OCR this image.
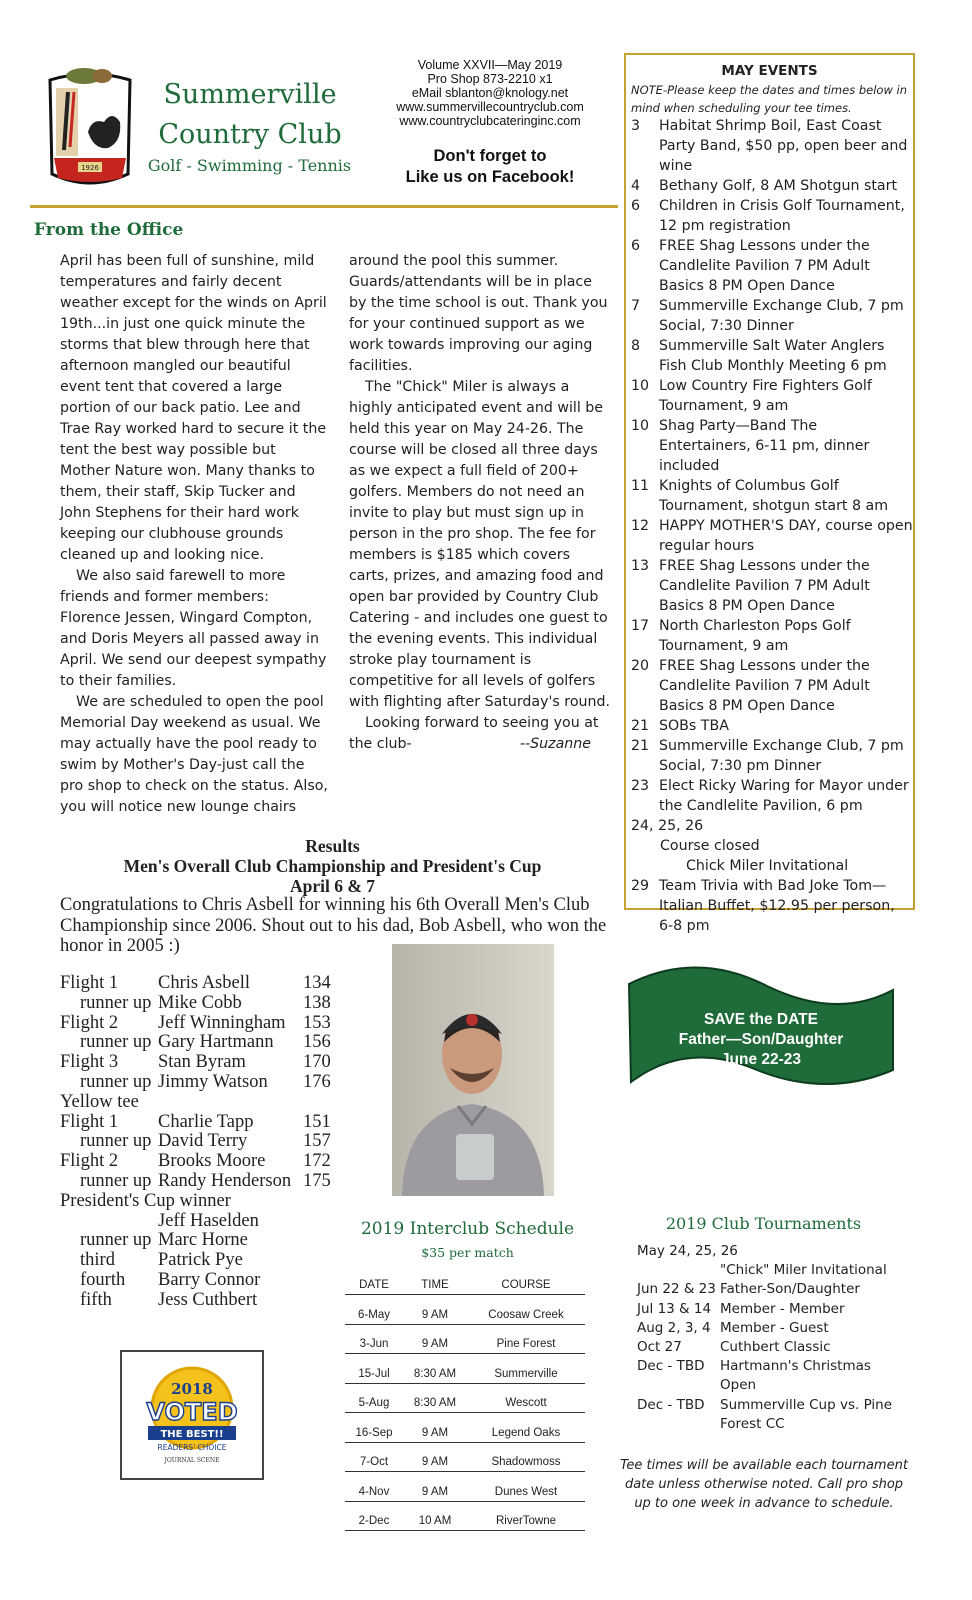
1926
Summerville
Country Club
Golf - Swimming - Tennis
Volume XXVII—May 2019
Pro Shop 873-2210 x1
eMail sblanton@knology.net
www.summervillecountryclub.com
www.countryclubcateringinc.com
Don't forget to
Like us on Facebook!
From the Office

April has been full of sunshine, mild temperatures and fairly decent weather except for the winds on April 19th...in just one quick minute the storms that blew through here that afternoon mangled our beautiful event tent that covered a large portion of our back patio. Lee and Trae Ray worked hard to secure it the tent the best way possible but Mother Nature won. Many thanks to them, their staff, Skip Tucker and John Stephens for their hard work keeping our clubhouse grounds cleaned up and looking nice.

We also said farewell to more friends and former members: Florence Jessen, Wingard Compton, and Doris Meyers all passed away in April. We send our deepest sympathy to their families.

We are scheduled to open the pool Memorial Day weekend as usual. We may actually have the pool ready to swim by Mother's Day-just call the pro shop to check on the status. Also, you will notice new lounge chairs

around the pool this summer. Guards/attendants will be in place by the time school is out. Thank you for your continued support as we work towards improving our aging facilities.

The "Chick" Miler is always a highly anticipated event and will be held this year on May 24-26. The course will be closed all three days as we expect a full field of 200+ golfers. Members do not need an invite to play but must sign up in person in the pro shop. The fee for members is $185 which covers carts, prizes, and amazing food and open bar provided by Country Club Catering - and includes one guest to the evening events. This individual stroke play tournament is competitive for all levels of golfers with flighting after Saturday's round.

Looking forward to seeing you at the club-	--Suzanne

MAY EVENTS
NOTE-Please keep the dates and times below in mind when scheduling your tee times.
3	Habitat Shrimp Boil, East Coast Party Band, $50 pp, open beer and wine
4	Bethany Golf, 8 AM Shotgun start
6	Children in Crisis Golf Tournament, 12 pm registration
6	FREE Shag Lessons under the Candlelite Pavilion 7 PM Adult Basics 8 PM Open Dance
7	Summerville Exchange Club, 7 pm Social, 7:30 Dinner
8	Summerville Salt Water Anglers Fish Club Monthly Meeting 6 pm
10 Low Country Fire Fighters Golf Tournament, 9 am
10 Shag Party—Band The Entertainers, 6-11 pm, dinner included
11 Knights of Columbus Golf Tournament, shotgun start 8 am
12 HAPPY MOTHER'S DAY, course open regular hours
13 FREE Shag Lessons under the Candlelite Pavilion 7 PM Adult Basics 8 PM Open Dance
17 North Charleston Pops Golf Tournament, 9 am
20 FREE Shag Lessons under the Candlelite Pavilion 7 PM Adult Basics 8 PM Open Dance
21 SOBs TBA
21 Summerville Exchange Club, 7 pm Social, 7:30 pm Dinner
23 Elect Ricky Waring for Mayor under the Candlelite Pavilion, 6 pm
24, 25, 26
Course closed
Chick Miler Invitational
29 Team Trivia with Bad Joke Tom—Italian Buffet, $12.95 per person, 6-8 pm
Results
Men's Overall Club Championship and President's Cup
April 6 & 7
Congratulations to Chris Asbell for winning his 6th Overall Men's Club Championship since 2006. Shout out to his dad, Bob Asbell, who won the honor in 2005 :)
Flight 1	Chris Asbell	134
runner up Mike Cobb	138
Flight 2	Jeff Winningham 153
runner up Gary Hartmann	156
Flight 3	Stan Byram	170
runner up Jimmy Watson	176
Yellow tee
Flight 1	Charlie Tapp	151
runner up David Terry	157
Flight 2	Brooks Moore	172
runner up Randy Henderson 175
President's Cup winner
Jeff Haselden
runner up Marc Horne
third	Patrick Pye
fourth	Barry Connor
fifth	Jess Cuthbert
2018
VOTED
THE BEST!!
READERS' CHOICE
JOURNAL SCENE
SAVE the DATE
Father—Son/Daughter
June 22-23
2019 Interclub Schedule
$35 per match
DATE	TIME	COURSE
6-May	9 AM	Coosaw Creek
3-Jun	9 AM	Pine Forest
15-Jul	8:30 AM	Summerville
5-Aug	8:30 AM	Wescott
16-Sep	9 AM	Legend Oaks
7-Oct	9 AM	Shadowmoss
4-Nov	9 AM	Dunes West
2-Dec	10 AM	RiverTowne
2019 Club Tournaments
May 24, 25, 26
"Chick" Miler Invitational
Jun 22 & 23 Father-Son/Daughter
Jul 13 & 14 Member - Member
Aug 2, 3, 4 Member - Guest
Oct 27	Cuthbert Classic
Dec - TBD	Hartmann's Christmas Open
Dec - TBD	Summerville Cup vs. Pine Forest CC
Tee times will be available each tournament date unless otherwise noted. Call pro shop up to one week in advance to schedule.
